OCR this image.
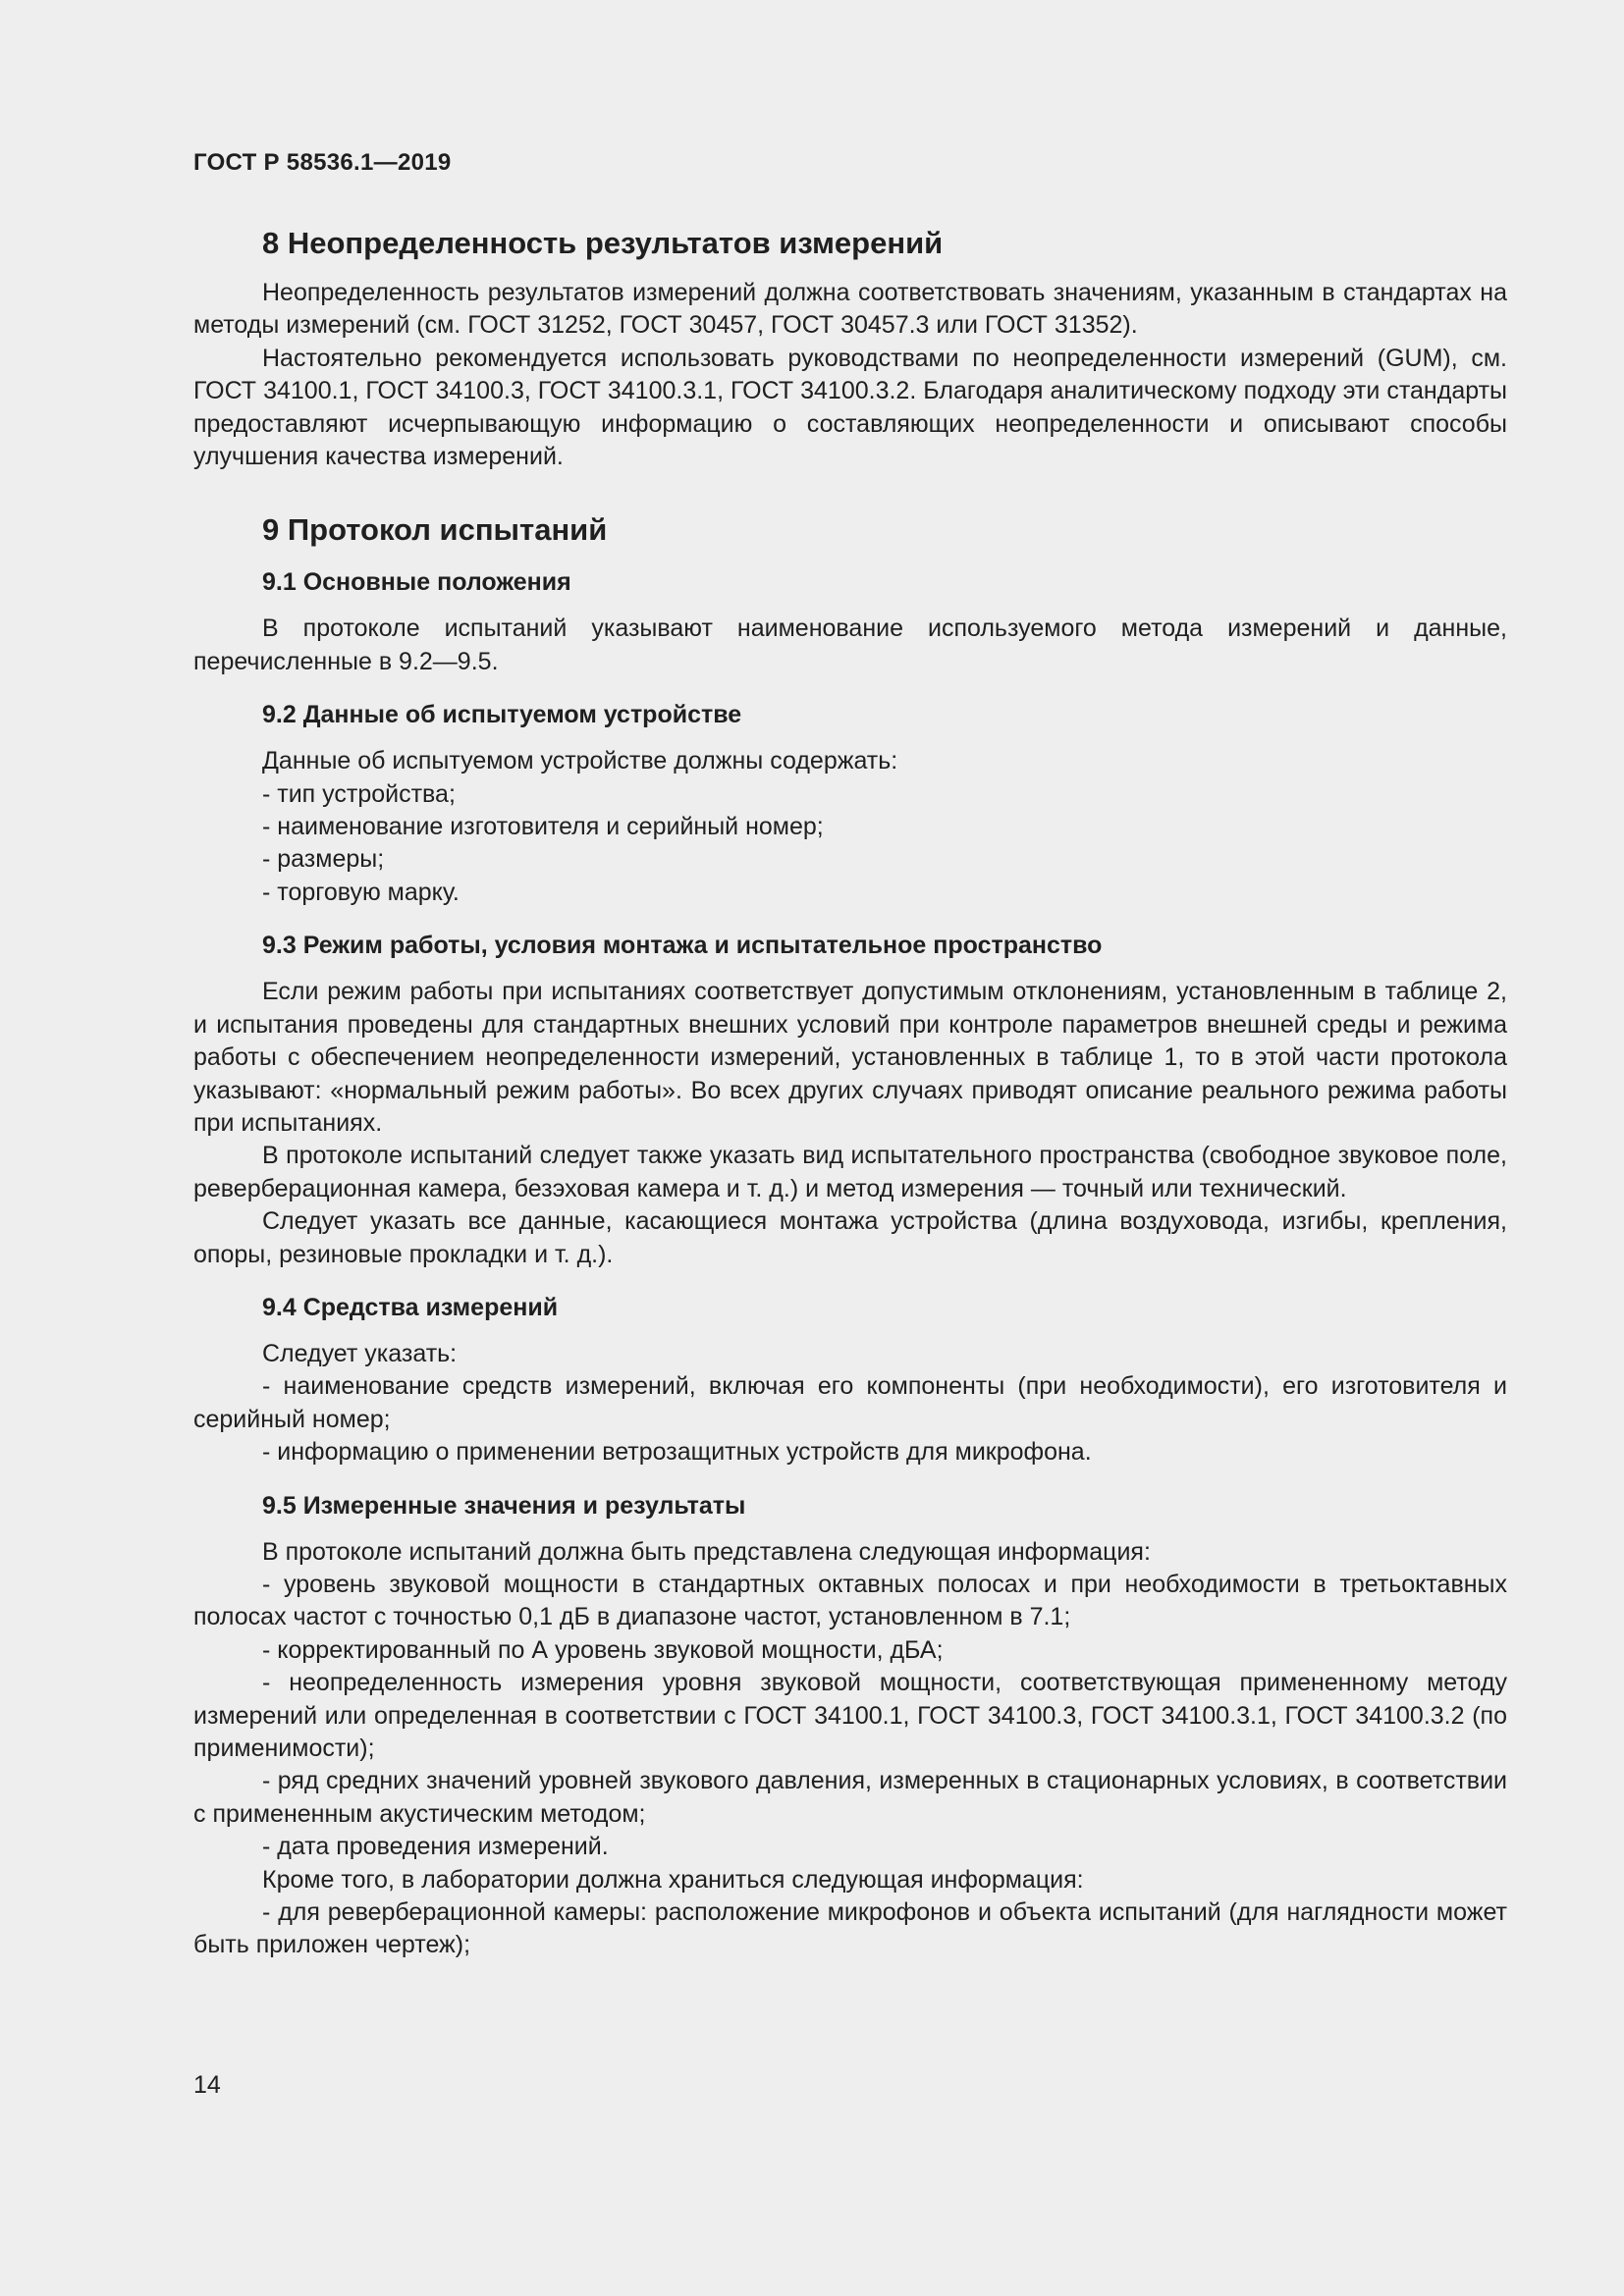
ГОСТ Р 58536.1—2019
8 Неопределенность результатов измерений

Неопределенность результатов измерений должна соответствовать значениям, указанным в стандартах на методы измерений (см. ГОСТ 31252, ГОСТ 30457, ГОСТ 30457.3 или ГОСТ 31352).

Настоятельно рекомендуется использовать руководствами по неопределенности измерений (GUM), см. ГОСТ 34100.1, ГОСТ 34100.3, ГОСТ 34100.3.1, ГОСТ 34100.3.2. Благодаря аналитическому подходу эти стандарты предоставляют исчерпывающую информацию о составляющих неопределенности и описывают способы улучшения качества измерений.

9 Протокол испытаний
9.1 Основные положения

В протоколе испытаний указывают наименование используемого метода измерений и данные, перечисленные в 9.2—9.5.

9.2 Данные об испытуемом устройстве

Данные об испытуемом устройстве должны содержать:

- тип устройства;

- наименование изготовителя и серийный номер;

- размеры;

- торговую марку.

9.3 Режим работы, условия монтажа и испытательное пространство

Если режим работы при испытаниях соответствует допустимым отклонениям, установленным в таблице 2, и испытания проведены для стандартных внешних условий при контроле параметров внешней среды и режима работы с обеспечением неопределенности измерений, установленных в таблице 1, то в этой части протокола указывают: «нормальный режим работы». Во всех других случаях приводят описание реального режима работы при испытаниях.

В протоколе испытаний следует также указать вид испытательного пространства (свободное звуковое поле, реверберационная камера, безэховая камера и т. д.) и метод измерения — точный или технический.

Следует указать все данные, касающиеся монтажа устройства (длина воздуховода, изгибы, крепления, опоры, резиновые прокладки и т. д.).

9.4 Средства измерений

Следует указать:

- наименование средств измерений, включая его компоненты (при необходимости), его изготовителя и серийный номер;

- информацию о применении ветрозащитных устройств для микрофона.

9.5 Измеренные значения и результаты

В протоколе испытаний должна быть представлена следующая информация:

- уровень звуковой мощности в стандартных октавных полосах и при необходимости в третьоктавных полосах частот с точностью 0,1 дБ в диапазоне частот, установленном в 7.1;

- корректированный по А уровень звуковой мощности, дБА;

- неопределенность измерения уровня звуковой мощности, соответствующая примененному методу измерений или определенная в соответствии с ГОСТ 34100.1, ГОСТ 34100.3, ГОСТ 34100.3.1, ГОСТ 34100.3.2 (по применимости);

- ряд средних значений уровней звукового давления, измеренных в стационарных условиях, в соответствии с примененным акустическим методом;

- дата проведения измерений.

Кроме того, в лаборатории должна храниться следующая информация:

- для реверберационной камеры: расположение микрофонов и объекта испытаний (для наглядности может быть приложен чертеж);

14
